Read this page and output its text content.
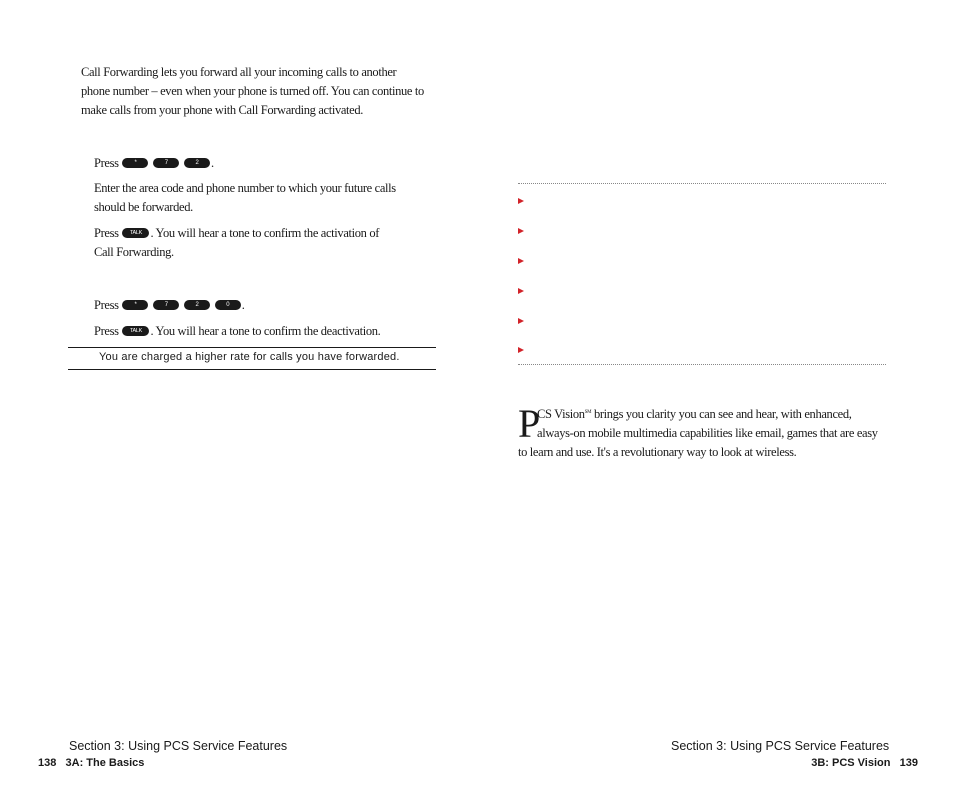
Call Forwarding lets you forward all your incoming calls to another
phone number – even when your phone is turned off. You can continue to
make calls from your phone with Call Forwarding activated.
Press	*	7	2 .
Enter the area code and phone number to which your future calls
should be forwarded.
Press TALK . You will hear a tone to confirm the activation of
Call Forwarding.
Press	*	7	2	0 .
Press TALK . You will hear a tone to confirm the deactivation.
You are charged a higher rate for calls you have forwarded.
Section 3: Using PCS Service Features
138 3A: The Basics
P
CS Vision℠ brings you clarity you can see and hear, with enhanced,
always-on mobile multimedia capabilities like email, games that are easy
to learn and use. It's a revolutionary way to look at wireless.
Section 3: Using PCS Service Features
3B: PCS Vision 139
